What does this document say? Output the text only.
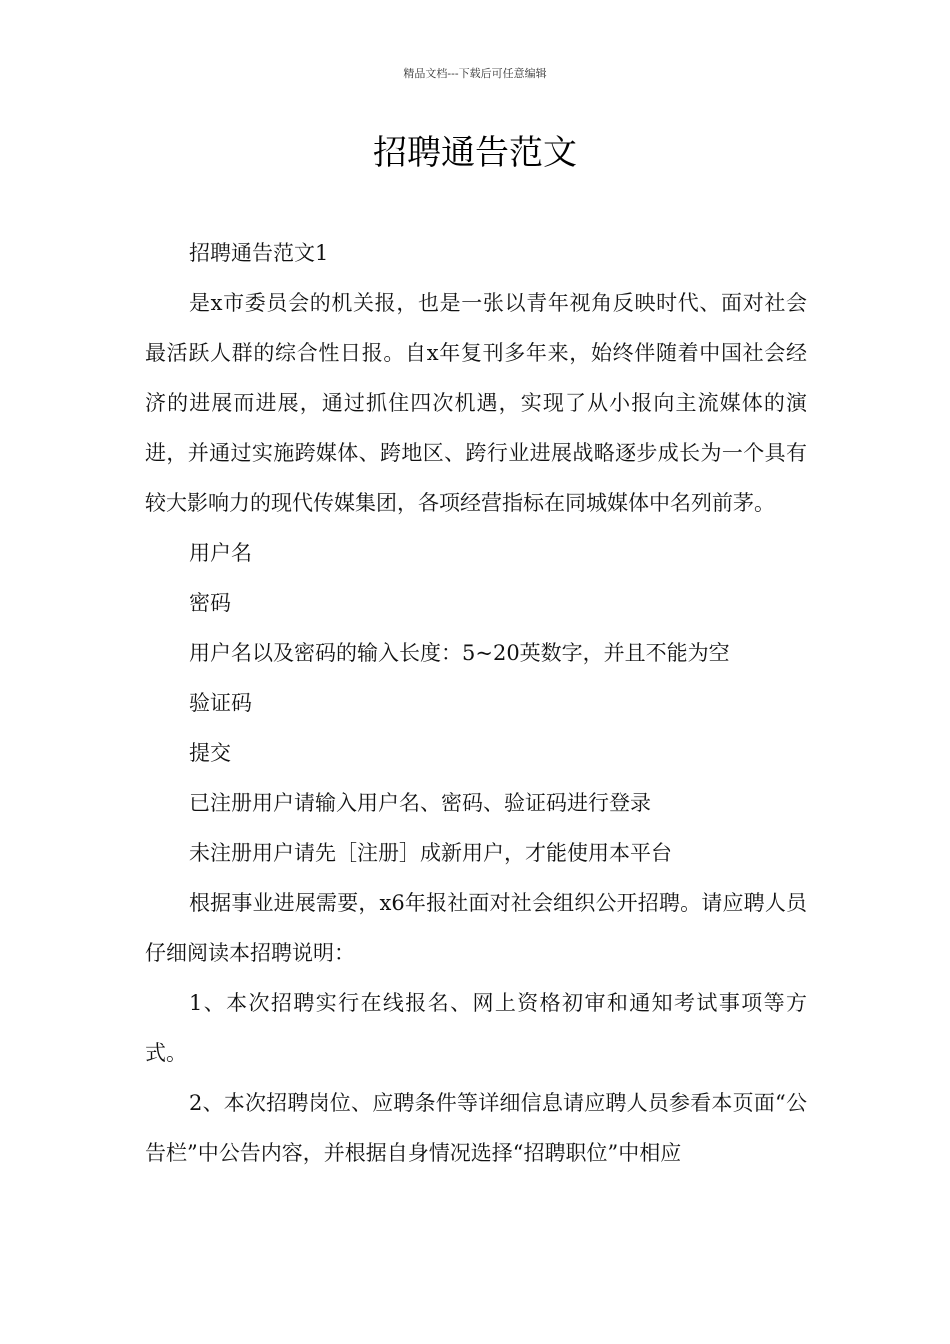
精品文档---下载后可任意编辑
招聘通告范文

招聘通告范文1

是x市委员会的机关报，也是一张以青年视角反映时代、面对社会最活跃人群的综合性日报。自x年复刊多年来，始终伴随着中国社会经济的进展而进展，通过抓住四次机遇，实现了从小报向主流媒体的演进，并通过实施跨媒体、跨地区、跨行业进展战略逐步成长为一个具有较大影响力的现代传媒集团，各项经营指标在同城媒体中名列前茅。

用户名

密码

用户名以及密码的输入长度：5~20英数字，并且不能为空

验证码

提交

已注册用户请输入用户名、密码、验证码进行登录

未注册用户请先［注册］成新用户，才能使用本平台

根据事业进展需要，x6年报社面对社会组织公开招聘。请应聘人员仔细阅读本招聘说明：

1、本次招聘实行在线报名、网上资格初审和通知考试事项等方式。

2、本次招聘岗位、应聘条件等详细信息请应聘人员参看本页面“公告栏”中公告内容，并根据自身情况选择“招聘职位”中相应
